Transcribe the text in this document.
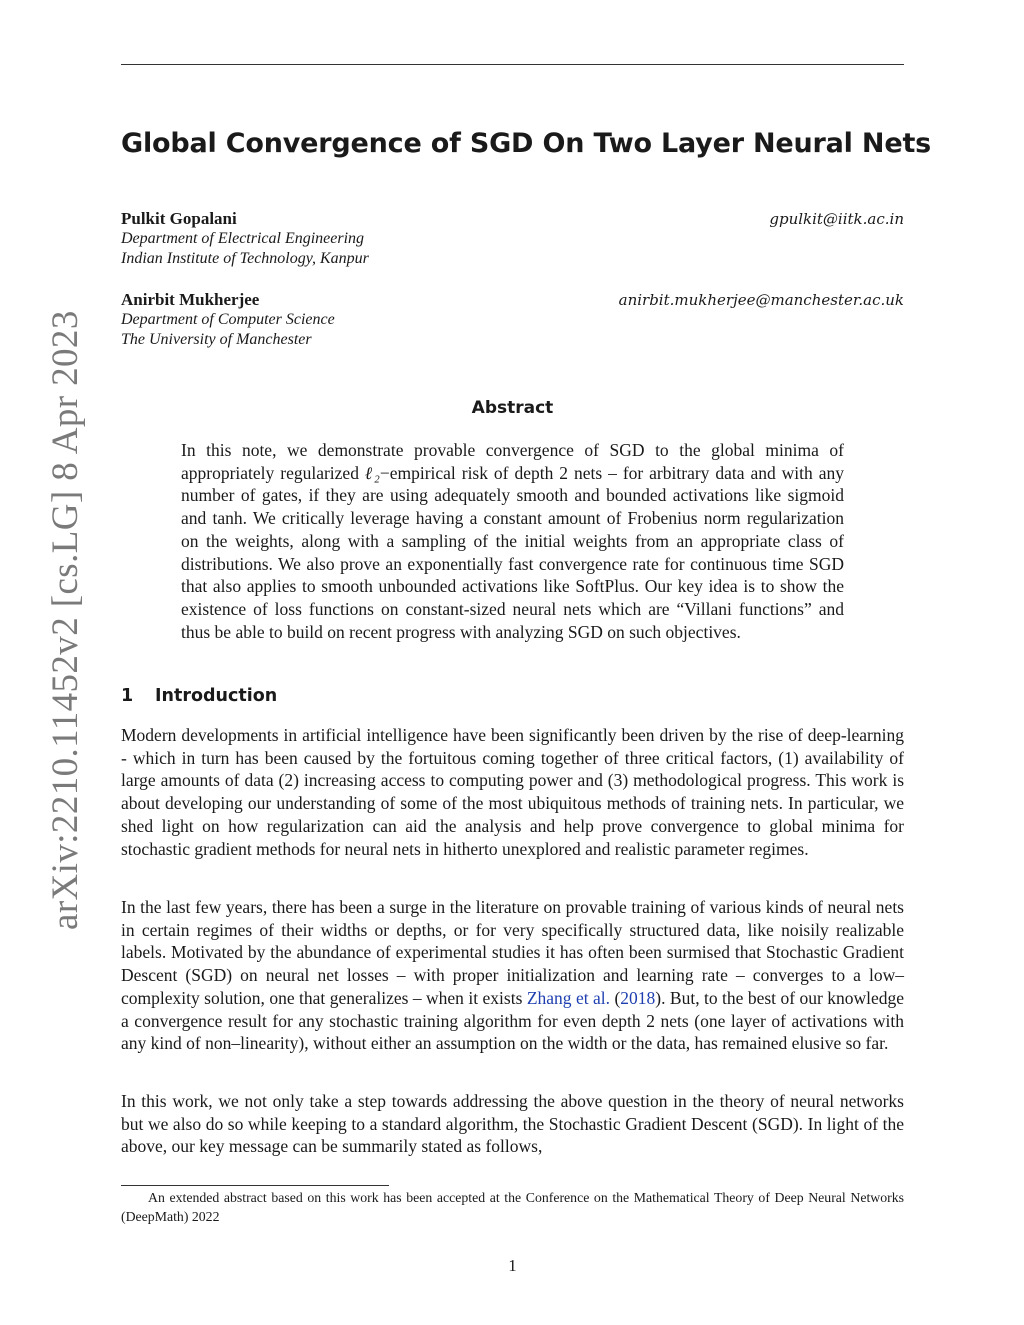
arXiv:2210.11452v2 [cs.LG] 8 Apr 2023
Global Convergence of SGD On Two Layer Neural Nets
Pulkit Gopalani	gpulkit@iitk.ac.in
Department of Electrical Engineering
Indian Institute of Technology, Kanpur
Anirbit Mukherjee	anirbit.mukherjee@manchester.ac.uk
Department of Computer Science
The University of Manchester
Abstract
In this note, we demonstrate provable convergence of SGD to the global minima of appropriately regularized ℓ₂−empirical risk of depth 2 nets – for arbitrary data and with any number of gates, if they are using adequately smooth and bounded activations like sigmoid and tanh. We critically leverage having a constant amount of Frobenius norm regularization on the weights, along with a sampling of the initial weights from an appropriate class of distributions. We also prove an exponentially fast convergence rate for continuous time SGD that also applies to smooth unbounded activations like SoftPlus. Our key idea is to show the existence of loss functions on constant-sized neural nets which are “Villani functions” and thus be able to build on recent progress with analyzing SGD on such objectives.
1 Introduction

Modern developments in artificial intelligence have been significantly been driven by the rise of deep-learning - which in turn has been caused by the fortuitous coming together of three critical factors, (1) availability of large amounts of data (2) increasing access to computing power and (3) methodological progress. This work is about developing our understanding of some of the most ubiquitous methods of training nets. In particular, we shed light on how regularization can aid the analysis and help prove convergence to global minima for stochastic gradient methods for neural nets in hitherto unexplored and realistic parameter regimes.

In the last few years, there has been a surge in the literature on provable training of various kinds of neural nets in certain regimes of their widths or depths, or for very specifically structured data, like noisily realizable labels. Motivated by the abundance of experimental studies it has often been surmised that Stochastic Gradient Descent (SGD) on neural net losses – with proper initialization and learning rate – converges to a low–complexity solution, one that generalizes – when it exists Zhang et al. (2018). But, to the best of our knowledge a convergence result for any stochastic training algorithm for even depth 2 nets (one layer of activations with any kind of non–linearity), without either an assumption on the width or the data, has remained elusive so far.

In this work, we not only take a step towards addressing the above question in the theory of neural networks but we also do so while keeping to a standard algorithm, the Stochastic Gradient Descent (SGD). In light of the above, our key message can be summarily stated as follows,

An extended abstract based on this work has been accepted at the Conference on the Mathematical Theory of Deep Neural Networks (DeepMath) 2022
1
